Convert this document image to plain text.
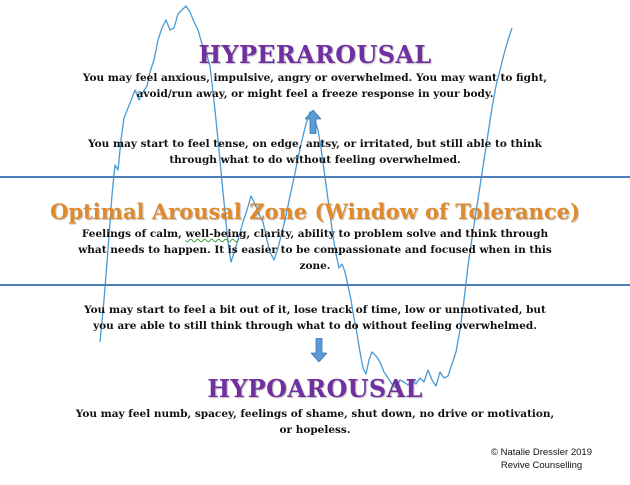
HYPERAROUSAL
You may feel anxious, impulsive, angry or overwhelmed. You may want to fight, avoid/run away, or might feel a freeze response in your body.
You may start to feel tense, on edge, antsy, or irritated, but still able to think through what to do without feeling overwhelmed.
Optimal Arousal Zone (Window of Tolerance)
Feelings of calm, well-being, clarity, ability to problem solve and think through what needs to happen. It is easier to be compassionate and focused when in this zone.
You may start to feel a bit out of it, lose track of time, low or unmotivated, but you are able to still think through what to do without feeling overwhelmed.
HYPOAROUSAL
You may feel numb, spacey, feelings of shame, shut down, no drive or motivation, or hopeless.
© Natalie Dressler 2019
Revive Counselling
